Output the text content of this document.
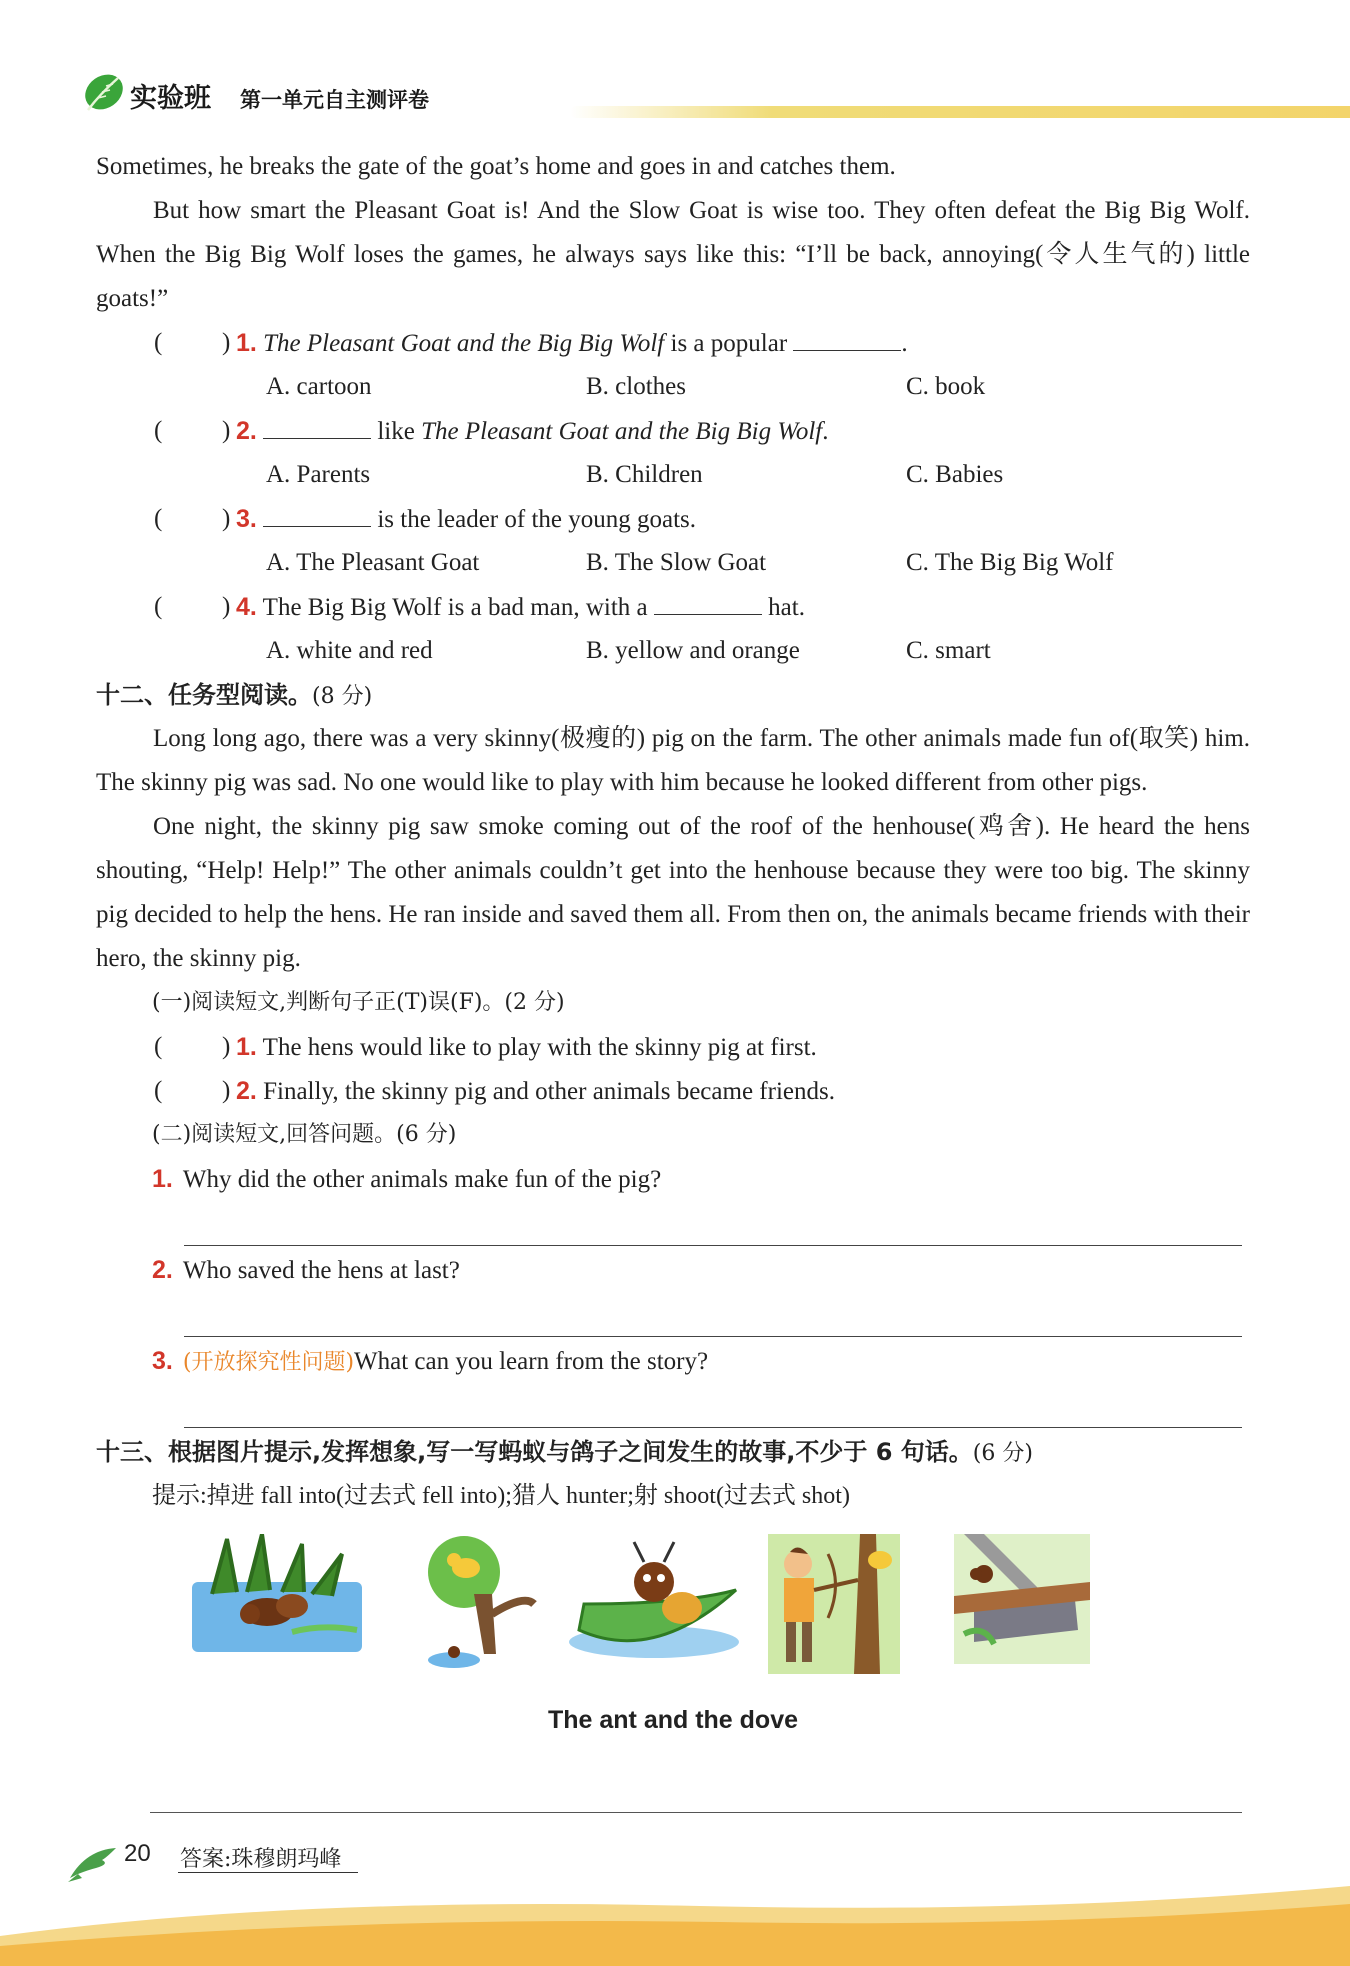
实验班 第一单元自主测评卷

Sometimes, he breaks the gate of the goat’s home and goes in and catches them.

But how smart the Pleasant Goat is! And the Slow Goat is wise too. They often defeat the Big Big Wolf. When the Big Big Wolf loses the games, he always says like this: “I’ll be back, annoying(令人生气的) little goats!”

( ) 1. The Pleasant Goat and the Big Big Wolf is a popular	.
A. cartoon	B. clothes	C. book
( ) 2.	like The Pleasant Goat and the Big Big Wolf.
A. Parents	B. Children	C. Babies
( ) 3.	is the leader of the young goats.
A. The Pleasant Goat	B. The Slow Goat	C. The Big Big Wolf
( ) 4. The Big Big Wolf is a bad man, with a	hat.
A. white and red	B. yellow and orange	C. smart

十二、任务型阅读。(8 分)

Long long ago, there was a very skinny(极瘦的) pig on the farm. The other animals made fun of(取笑) him. The skinny pig was sad. No one would like to play with him because he looked different from other pigs.

One night, the skinny pig saw smoke coming out of the roof of the henhouse(鸡舍). He heard the hens shouting, “Help! Help!” The other animals couldn’t get into the henhouse because they were too big. The skinny pig decided to help the hens. He ran inside and saved them all. From then on, the animals became friends with their hero, the skinny pig.

(一)阅读短文,判断句子正(T)误(F)。(2 分)

( ) 1. The hens would like to play with the skinny pig at first.
( ) 2. Finally, the skinny pig and other animals became friends.

(二)阅读短文,回答问题。(6 分)

1. Why did the other animals make fun of the pig?
2. Who saved the hens at last?
3. (开放探究性问题)What can you learn from the story?

十三、根据图片提示,发挥想象,写一写蚂蚁与鸽子之间发生的故事,不少于 6 句话。(6 分)

提示:掉进 fall into(过去式 fell into);猎人 hunter;射 shoot(过去式 shot)

The ant and the dove
20 答案:珠穆朗玛峰
